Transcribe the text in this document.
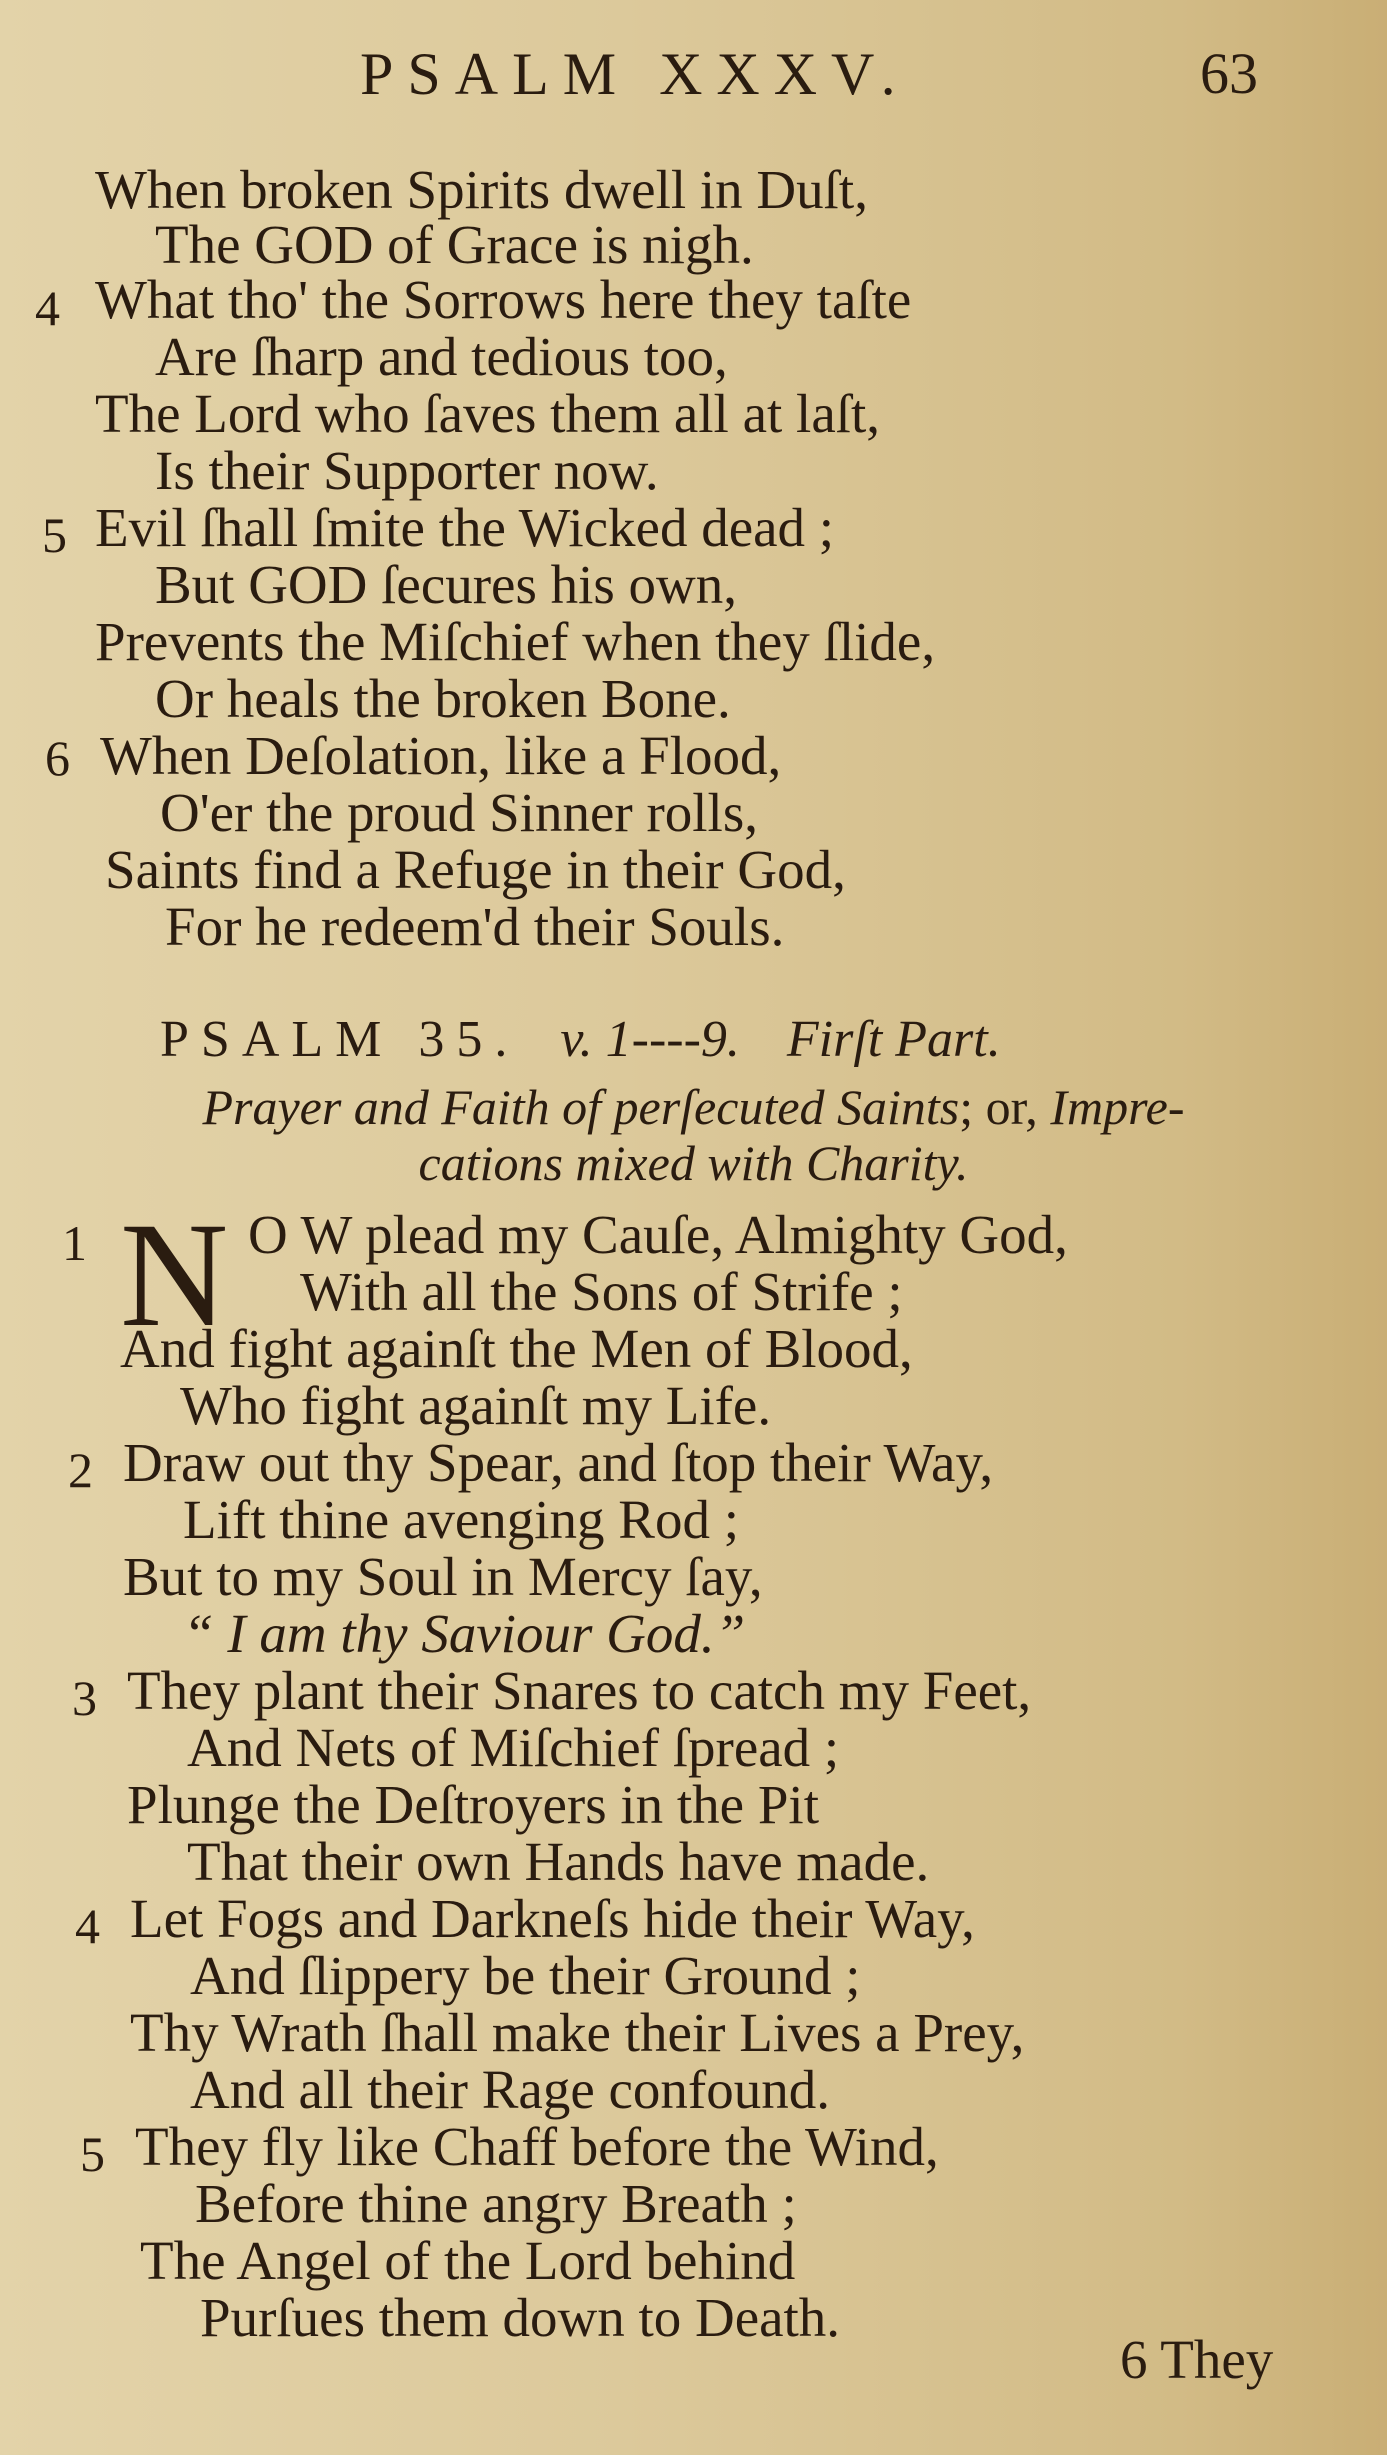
PSALM XXXV.	63
When broken Spirits dwell in Duſt,
The GOD of Grace is nigh.
4 What tho' the Sorrows here they taſte
Are ſharp and tedious too,
The Lord who ſaves them all at laſt,
Is their Supporter now.
5 Evil ſhall ſmite the Wicked dead ;
But GOD ſecures his own,
Prevents the Miſchief when they ſlide,
Or heals the broken Bone.
6 When Deſolation, like a Flood,
O'er the proud Sinner rolls,
Saints find a Refuge in their God,
For he redeem'd their Souls.
PSALM 35. v. 1----9. Firſt Part.
Prayer and Faith of perſecuted Saints; or, Impre-
cations mixed with Charity.
N
1	O W plead my Cauſe, Almighty God,
With all the Sons of Strife ;
And fight againſt the Men of Blood,
Who fight againſt my Life.
2 Draw out thy Spear, and ſtop their Way,
Lift thine avenging Rod ;
But to my Soul in Mercy ſay,
“ I am thy Saviour God.”
3 They plant their Snares to catch my Feet,
And Nets of Miſchief ſpread ;
Plunge the Deſtroyers in the Pit
That their own Hands have made.
4 Let Fogs and Darkneſs hide their Way,
And ſlippery be their Ground ;
Thy Wrath ſhall make their Lives a Prey,
And all their Rage confound.
5 They fly like Chaff before the Wind,
Before thine angry Breath ;
The Angel of the Lord behind
Purſues them down to Death.
6 They
